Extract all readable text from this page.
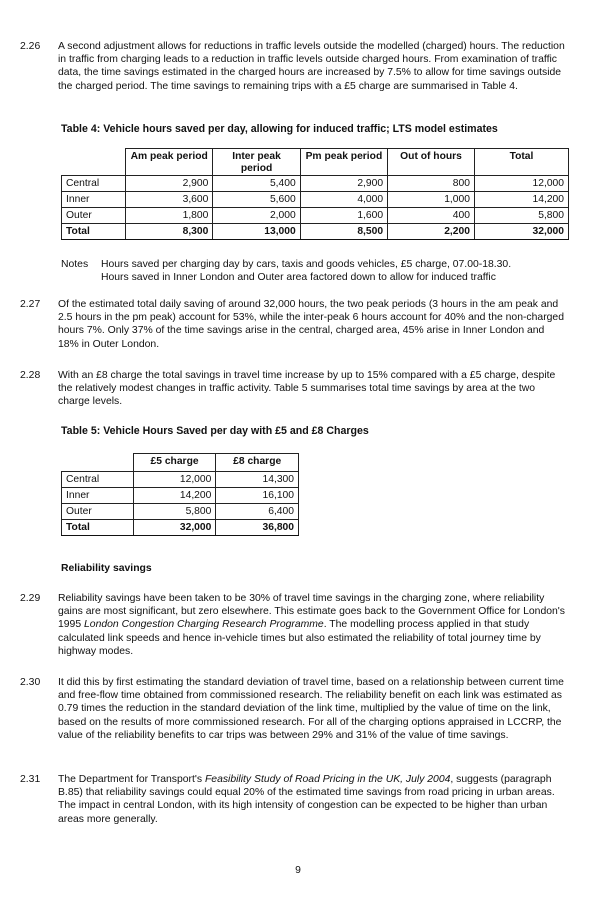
2.26 A second adjustment allows for reductions in traffic levels outside the modelled (charged) hours. The reduction in traffic from charging leads to a reduction in traffic levels outside charged hours. From examination of traffic data, the time savings estimated in the charged hours are increased by 7.5% to allow for time savings outside the charged period. The time savings to remaining trips with a £5 charge are summarised in Table 4.
Table 4: Vehicle hours saved per day, allowing for induced traffic; LTS model estimates
	Am peak period	Inter peak period	Pm peak period	Out of hours	Total
Central	2,900	5,400	2,900	800	12,000
Inner	3,600	5,600	4,000	1,000	14,200
Outer	1,800	2,000	1,600	400	5,800
Total	8,300	13,000	8,500	2,200	32,000
Notes Hours saved per charging day by cars, taxis and goods vehicles, £5 charge, 07.00-18.30.
Hours saved in Inner London and Outer area factored down to allow for induced traffic
2.27 Of the estimated total daily saving of around 32,000 hours, the two peak periods (3 hours in the am peak and 2.5 hours in the pm peak) account for 53%, while the inter-peak 6 hours account for 40% and the non-charged hours 7%. Only 37% of the time savings arise in the central, charged area, 45% arise in Inner London and 18% in Outer London.
2.28 With an £8 charge the total savings in travel time increase by up to 15% compared with a £5 charge, despite the relatively modest changes in traffic activity. Table 5 summarises total time savings by area at the two charge levels.
Table 5: Vehicle Hours Saved per day with £5 and £8 Charges
	£5 charge	£8 charge
Central	12,000	14,300
Inner	14,200	16,100
Outer	5,800	6,400
Total	32,000	36,800
Reliability savings
2.29 Reliability savings have been taken to be 30% of travel time savings in the charging zone, where reliability gains are most significant, but zero elsewhere. This estimate goes back to the Government Office for London's 1995 London Congestion Charging Research Programme. The modelling process applied in that study calculated link speeds and hence in-vehicle times but also estimated the reliability of total journey time by highway modes.
2.30 It did this by first estimating the standard deviation of travel time, based on a relationship between current time and free-flow time obtained from commissioned research. The reliability benefit on each link was estimated as 0.79 times the reduction in the standard deviation of the link time, multiplied by the value of time on the link, based on the results of more commissioned research. For all of the charging options appraised in LCCRP, the value of the reliability benefits to car trips was between 29% and 31% of the value of time savings.
2.31 The Department for Transport's Feasibility Study of Road Pricing in the UK, July 2004, suggests (paragraph B.85) that reliability savings could equal 20% of the estimated time savings from road pricing in urban areas. The impact in central London, with its high intensity of congestion can be expected to be higher than urban areas more generally.
9
